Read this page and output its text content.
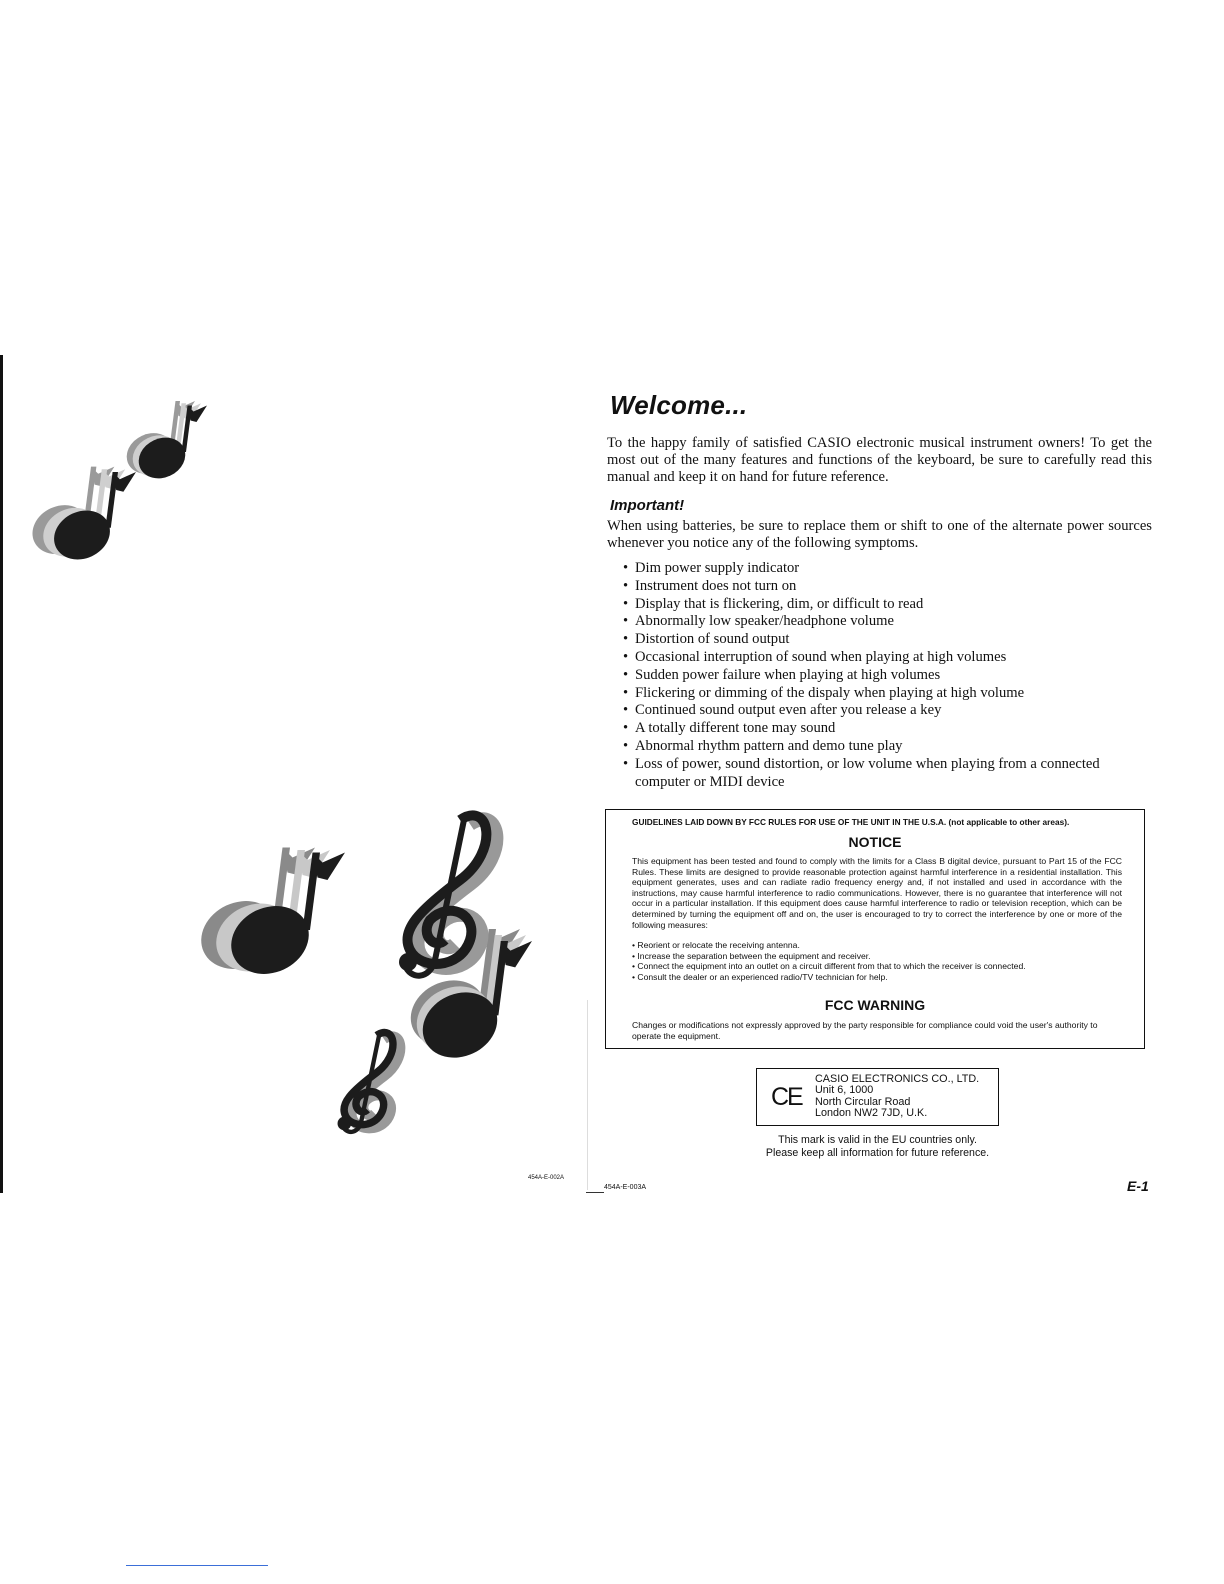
Welcome...

To the happy family of satisfied CASIO electronic musical instrument owners! To get the most out of the many features and functions of the keyboard, be sure to carefully read this manual and keep it on hand for future reference.

Important!

When using batteries, be sure to replace them or shift to one of the alternate power sources whenever you notice any of the following symptoms.

• Dim power supply indicator
• Instrument does not turn on
• Display that is flickering, dim, or difficult to read
• Abnormally low speaker/headphone volume
• Distortion of sound output
• Occasional interruption of sound when playing at high volumes
• Sudden power failure when playing at high volumes
• Flickering or dimming of the dispaly when playing at high volume
• Continued sound output even after you release a key
• A totally different tone may sound
• Abnormal rhythm pattern and demo tune play
• Loss of power, sound distortion, or low volume when playing from a connected computer or MIDI device

GUIDELINES LAID DOWN BY FCC RULES FOR USE OF THE UNIT IN THE U.S.A. (not applicable to other areas).

NOTICE

This equipment has been tested and found to comply with the limits for a Class B digital device, pursuant to Part 15 of the FCC Rules. These limits are designed to provide reasonable protection against harmful interference in a residential installation. This equipment generates, uses and can radiate radio frequency energy and, if not installed and used in accordance with the instructions, may cause harmful interference to radio communications. However, there is no guarantee that interference will not occur in a particular installation. If this equipment does cause harmful interference to radio or television reception, which can be determined by turning the equipment off and on, the user is encouraged to try to correct the interference by one or more of the following measures:

• Reorient or relocate the receiving antenna.
• Increase the separation between the equipment and receiver.
• Connect the equipment into an outlet on a circuit different from that to which the receiver is connected.
• Consult the dealer or an experienced radio/TV technician for help.
FCC WARNING

Changes or modifications not expressly approved by the party responsible for compliance could void the user's authority to operate the equipment.

CE
CASIO ELECTRONICS CO., LTD.
Unit 6, 1000
North Circular Road
London NW2 7JD, U.K.

This mark is valid in the EU countries only.
Please keep all information for future reference.

454A-E-002A
454A-E-003A	E-1
